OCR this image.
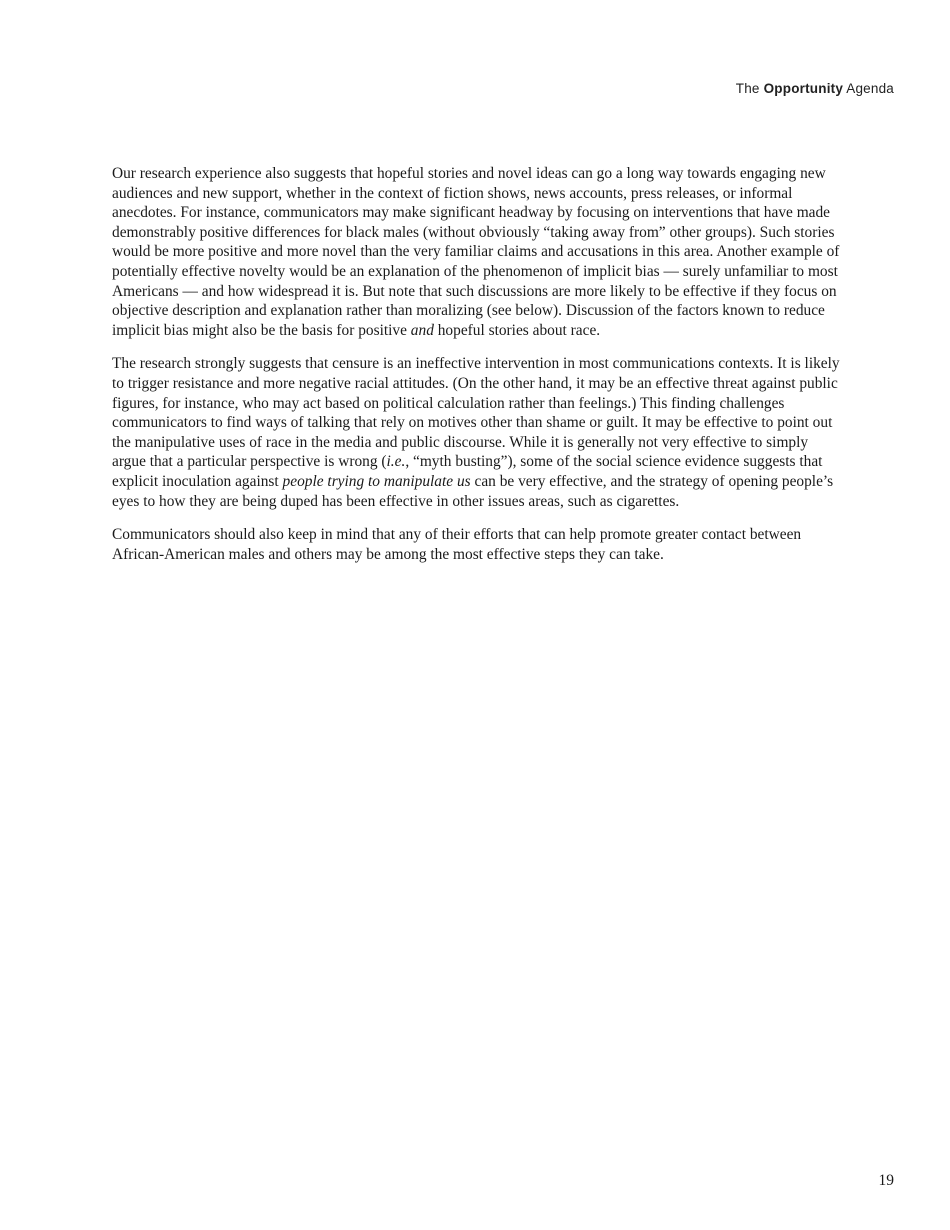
The Opportunity Agenda

Our research experience also suggests that hopeful stories and novel ideas can go a long way towards engaging new audiences and new support, whether in the context of fiction shows, news accounts, press releases, or informal anecdotes. For instance, communicators may make significant headway by focusing on interventions that have made demonstrably positive differences for black males (without obviously “taking away from” other groups). Such stories would be more positive and more novel than the very familiar claims and accusations in this area. Another example of potentially effective novelty would be an explanation of the phenomenon of implicit bias — surely unfamiliar to most Americans — and how widespread it is. But note that such discussions are more likely to be effective if they focus on objective description and explanation rather than moralizing (see below). Discussion of the factors known to reduce implicit bias might also be the basis for positive and hopeful stories about race.

The research strongly suggests that censure is an ineffective intervention in most communications contexts. It is likely to trigger resistance and more negative racial attitudes. (On the other hand, it may be an effective threat against public figures, for instance, who may act based on political calculation rather than feelings.) This finding challenges communicators to find ways of talking that rely on motives other than shame or guilt. It may be effective to point out the manipulative uses of race in the media and public discourse. While it is generally not very effective to simply argue that a particular perspective is wrong (i.e., “myth busting”), some of the social science evidence suggests that explicit inoculation against people trying to manipulate us can be very effective, and the strategy of opening people’s eyes to how they are being duped has been effective in other issues areas, such as cigarettes.

Communicators should also keep in mind that any of their efforts that can help promote greater contact between African-American males and others may be among the most effective steps they can take.

19
